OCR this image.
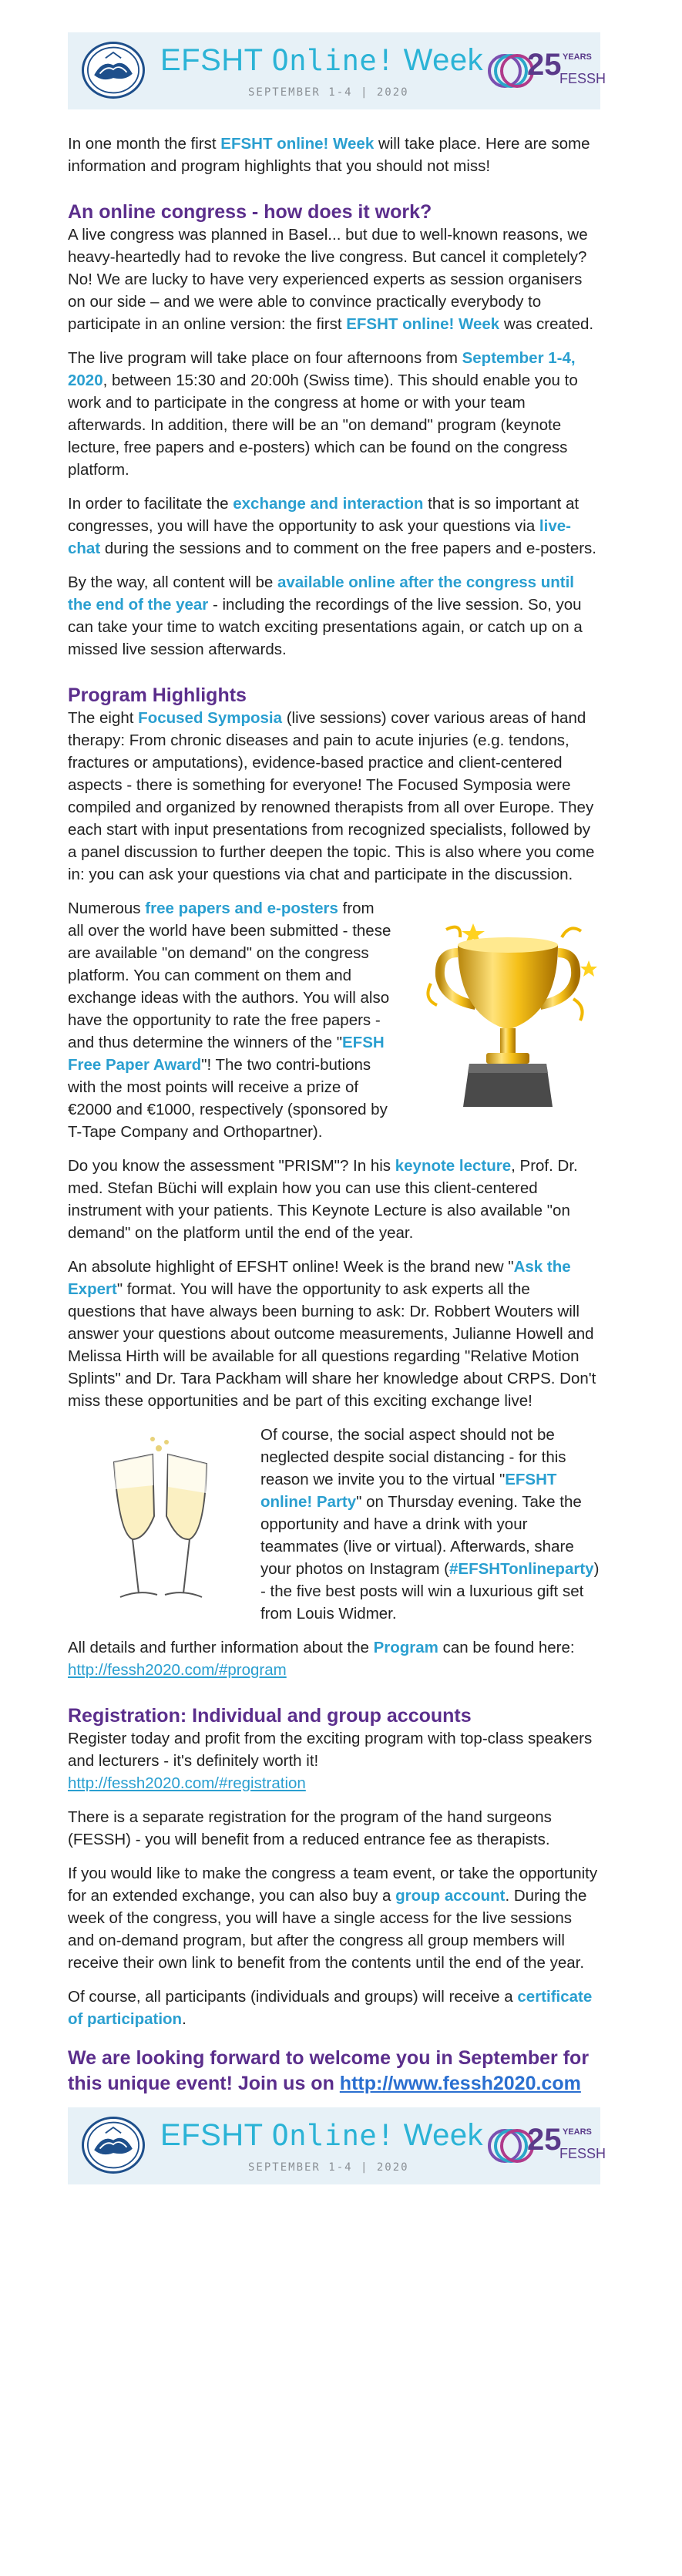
EFSHT Online! Week
SEPTEMBER 1-4 | 2020
25 YEARS
FESSH

In one month the first EFSHT online! Week will take place. Here are some information and program highlights that you should not miss!

An online congress - how does it work?

A live congress was planned in Basel... but due to well-known reasons, we heavy-heartedly had to revoke the live congress. But cancel it completely? No! We are lucky to have very experienced experts as session organisers on our side – and we were able to convince practically everybody to participate in an online version: the first EFSHT online! Week was created.

The live program will take place on four afternoons from September 1-4, 2020, between 15:30 and 20:00h (Swiss time). This should enable you to work and to participate in the congress at home or with your team afterwards. In addition, there will be an "on demand" program (keynote lecture, free papers and e-posters) which can be found on the congress platform.

In order to facilitate the exchange and interaction that is so important at congresses, you will have the opportunity to ask your questions via live-chat during the sessions and to comment on the free papers and e-posters.

By the way, all content will be available online after the congress until the end of the year - including the recordings of the live session. So, you can take your time to watch exciting presentations again, or catch up on a missed live session afterwards.

Program Highlights

The eight Focused Symposia (live sessions) cover various areas of hand therapy: From chronic diseases and pain to acute injuries (e.g. tendons, fractures or amputations), evidence-based practice and client-centered aspects - there is something for everyone! The Focused Symposia were compiled and organized by renowned therapists from all over Europe. They each start with input presentations from recognized specialists, followed by a panel discussion to further deepen the topic. This is also where you come in: you can ask your questions via chat and participate in the discussion.

Numerous free papers and e-posters from all over the world have been submitted - these are available "on demand" on the congress platform. You can comment on them and exchange ideas with the authors. You will also have the opportunity to rate the free papers - and thus determine the winners of the "EFSH Free Paper Award"! The two contri-butions with the most points will receive a prize of €2000 and €1000, respectively (sponsored by T-Tape Company and Orthopartner).

Do you know the assessment "PRISM"? In his keynote lecture, Prof. Dr. med. Stefan Büchi will explain how you can use this client-centered instrument with your patients. This Keynote Lecture is also available "on demand" on the platform until the end of the year.

An absolute highlight of EFSHT online! Week is the brand new "Ask the Expert" format. You will have the opportunity to ask experts all the questions that have always been burning to ask: Dr. Robbert Wouters will answer your questions about outcome measurements, Julianne Howell and Melissa Hirth will be available for all questions regarding "Relative Motion Splints" and Dr. Tara Packham will share her knowledge about CRPS. Don't miss these opportunities and be part of this exciting exchange live!

Of course, the social aspect should not be neglected despite social distancing - for this reason we invite you to the virtual "EFSHT online! Party" on Thursday evening. Take the opportunity and have a drink with your teammates (live or virtual). Afterwards, share your photos on Instagram (#EFSHTonlineparty) - the five best posts will win a luxurious gift set from Louis Widmer.

All details and further information about the Program can be found here: http://fessh2020.com/#program

Registration: Individual and group accounts

Register today and profit from the exciting program with top-class speakers and lecturers - it's definitely worth it!
http://fessh2020.com/#registration

There is a separate registration for the program of the hand surgeons (FESSH) - you will benefit from a reduced entrance fee as therapists.

If you would like to make the congress a team event, or take the opportunity for an extended exchange, you can also buy a group account. During the week of the congress, you will have a single access for the live sessions and on-demand program, but after the congress all group members will receive their own link to benefit from the contents until the end of the year.

Of course, all participants (individuals and groups) will receive a certificate of participation.

We are looking forward to welcome you in September for this unique event! Join us on http://www.fessh2020.com
EFSHT Online! Week
SEPTEMBER 1-4 | 2020
25 YEARS
FESSH
